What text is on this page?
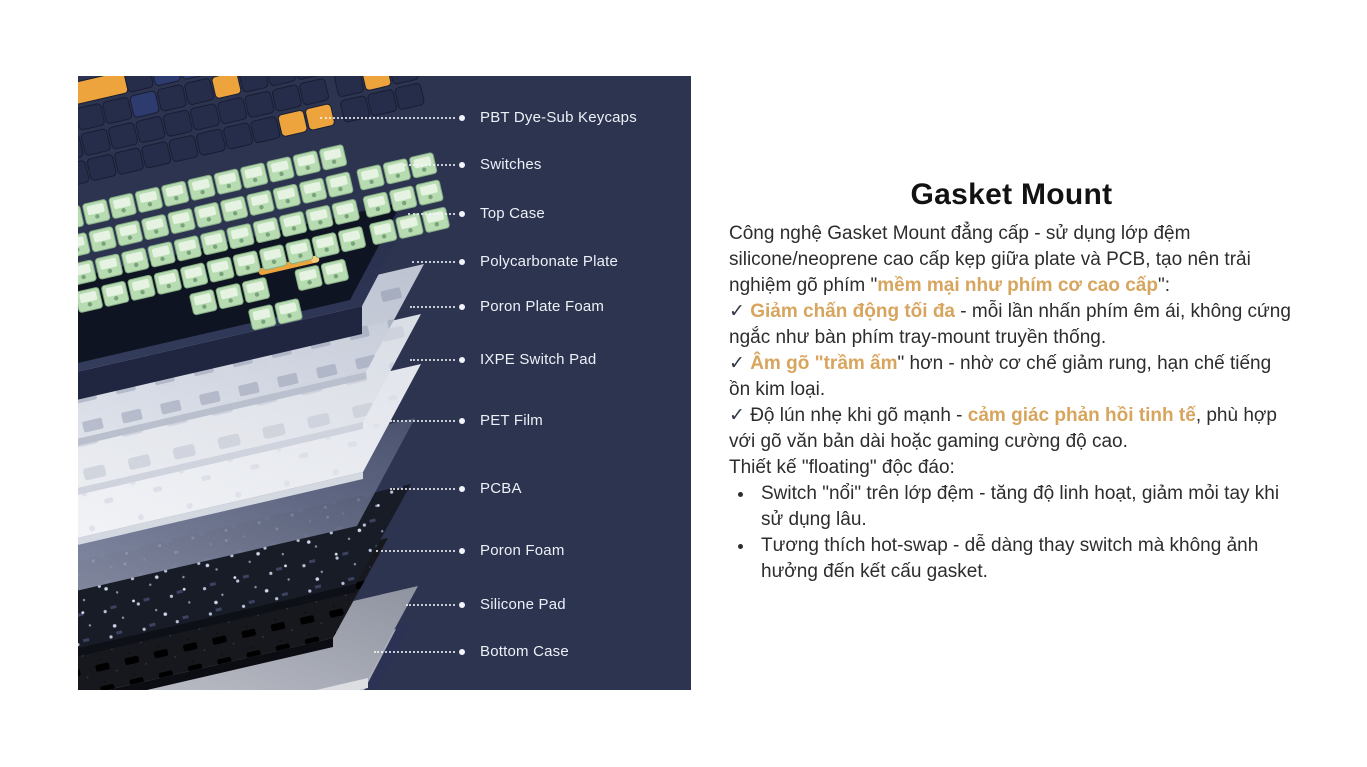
PBT Dye-Sub Keycaps
Switches
Top Case
Polycarbonate Plate
Poron Plate Foam
IXPE Switch Pad
PET Film
PCBA
Poron Foam
Silicone Pad
Bottom Case
Gasket Mount

Công nghệ Gasket Mount đẳng cấp - sử dụng lớp đệm silicone/neoprene cao cấp kẹp giữa plate và PCB, tạo nên trải nghiệm gõ phím "mềm mại như phím cơ cao cấp":

✓ Giảm chấn động tối đa - mỗi lần nhấn phím êm ái, không cứng ngắc như bàn phím tray-mount truyền thống.

✓ Âm gõ "trầm ấm" hơn - nhờ cơ chế giảm rung, hạn chế tiếng ồn kim loại.

✓ Độ lún nhẹ khi gõ mạnh - cảm giác phản hồi tinh tế, phù hợp với gõ văn bản dài hoặc gaming cường độ cao.

Thiết kế "floating" độc đáo:

• Switch "nổi" trên lớp đệm - tăng độ linh hoạt, giảm mỏi tay khi sử dụng lâu.
• Tương thích hot-swap - dễ dàng thay switch mà không ảnh hưởng đến kết cấu gasket.
